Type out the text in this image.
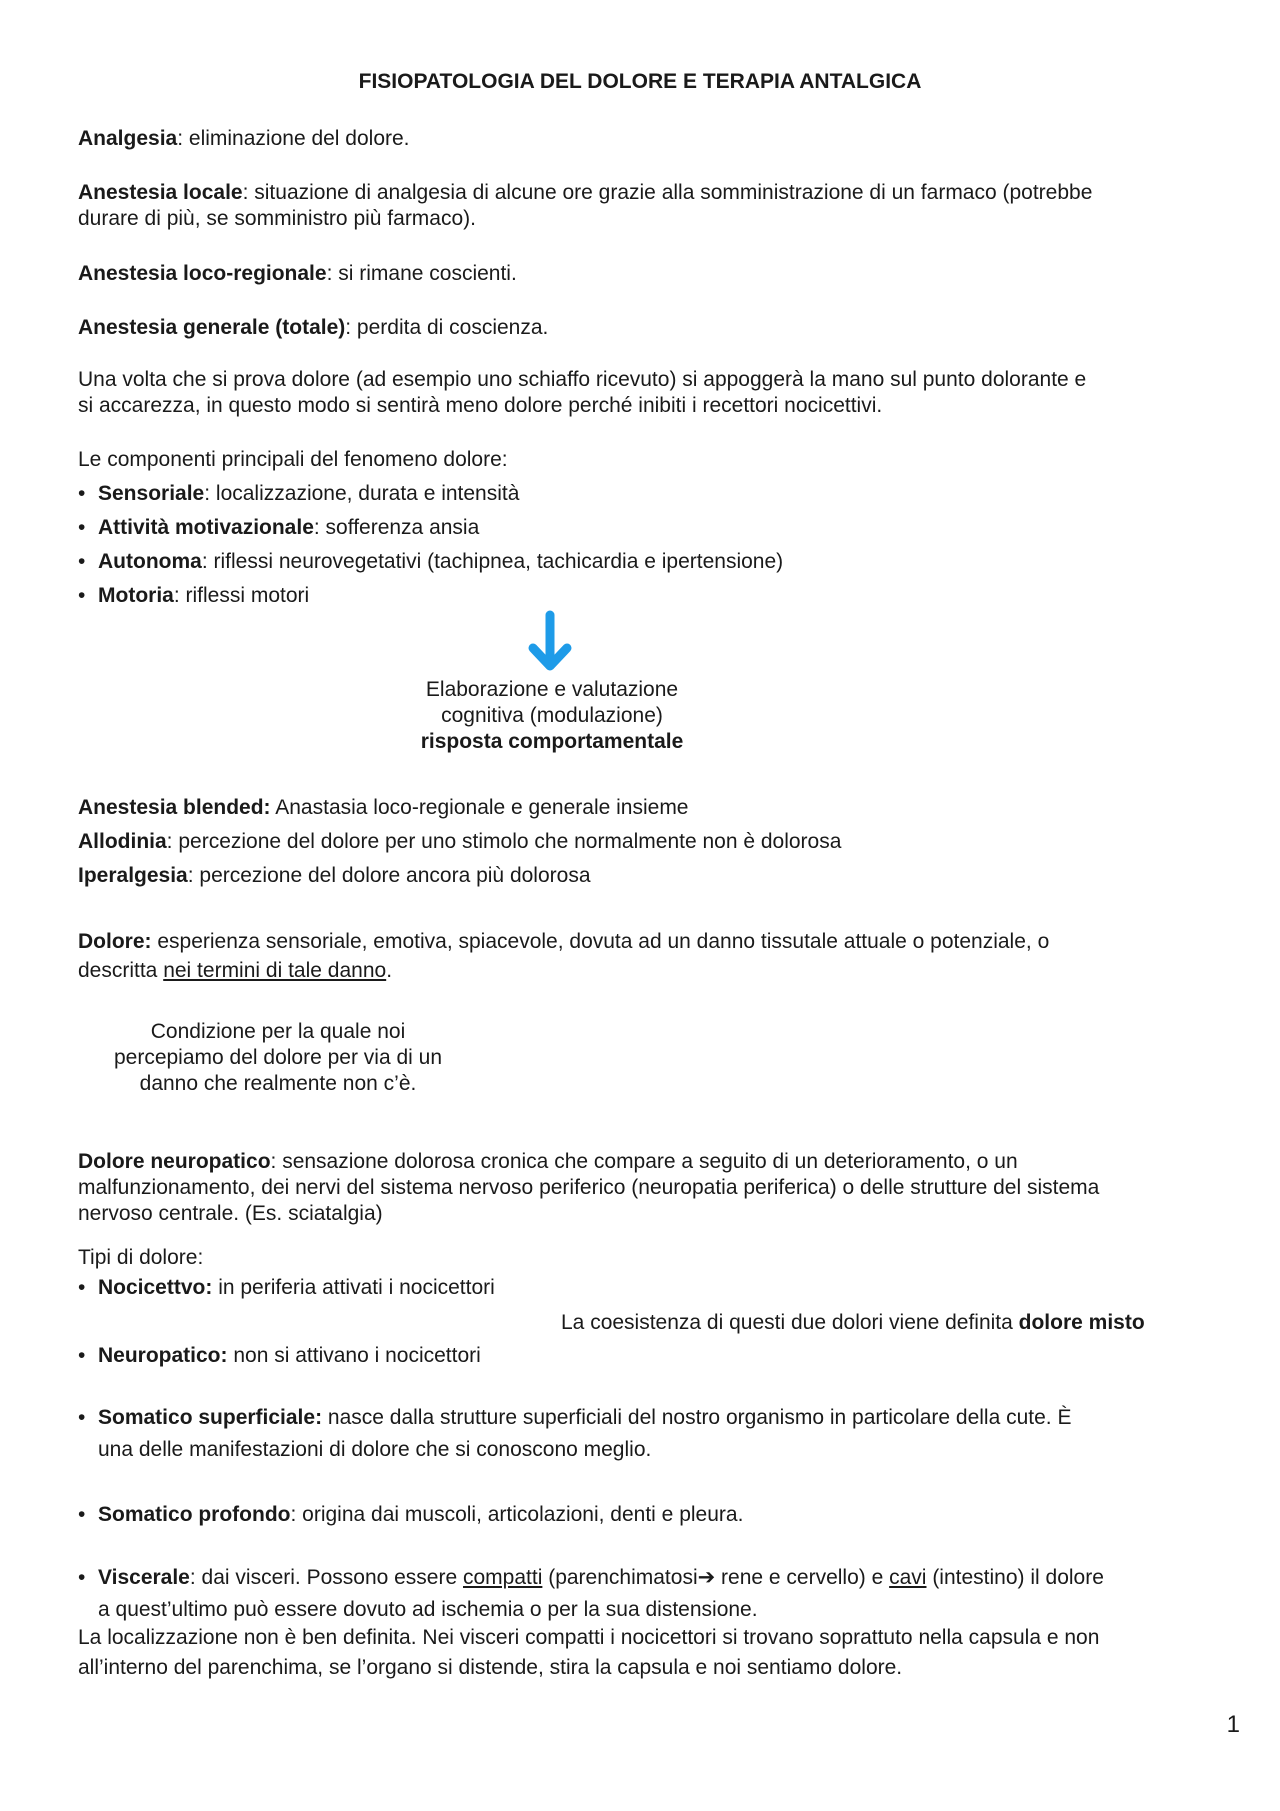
FISIOPATOLOGIA DEL DOLORE E TERAPIA ANTALGICA
Analgesia: eliminazione del dolore.
Anestesia locale: situazione di analgesia di alcune ore grazie alla somministrazione di un farmaco (potrebbe
durare di più, se somministro più farmaco).
Anestesia loco-regionale: si rimane coscienti.
Anestesia generale (totale): perdita di coscienza.
Una volta che si prova dolore (ad esempio uno schiaffo ricevuto) si appoggerà la mano sul punto dolorante e
si accarezza, in questo modo si sentirà meno dolore perché inibiti i recettori nocicettivi.
Le componenti principali del fenomeno dolore:
• Sensoriale: localizzazione, durata e intensità
• Attività motivazionale: sofferenza ansia
• Autonoma: riflessi neurovegetativi (tachipnea, tachicardia e ipertensione)
• Motoria: riflessi motori
Elaborazione e valutazione
cognitiva (modulazione)
risposta comportamentale
Anestesia blended: Anastasia loco-regionale e generale insieme
Allodinia: percezione del dolore per uno stimolo che normalmente non è dolorosa
Iperalgesia: percezione del dolore ancora più dolorosa
Dolore: esperienza sensoriale, emotiva, spiacevole, dovuta ad un danno tissutale attuale o potenziale, o
descritta nei termini di tale danno.
Condizione per la quale noi
percepiamo del dolore per via di un
danno che realmente non c’è.
Dolore neuropatico: sensazione dolorosa cronica che compare a seguito di un deterioramento, o un
malfunzionamento, dei nervi del sistema nervoso periferico (neuropatia periferica) o delle strutture del sistema
nervoso centrale. (Es. sciatalgia)
Tipi di dolore:
• Nocicettvo: in periferia attivati i nocicettori
La coesistenza di questi due dolori viene definita dolore misto
• Neuropatico: non si attivano i nocicettori
• Somatico superficiale: nasce dalla strutture superficiali del nostro organismo in particolare della cute. È
una delle manifestazioni di dolore che si conoscono meglio.
• Somatico profondo: origina dai muscoli, articolazioni, denti e pleura.
• Viscerale: dai visceri. Possono essere compatti (parenchimatosi➔ rene e cervello) e cavi (intestino) il dolore
a quest’ultimo può essere dovuto ad ischemia o per la sua distensione.
La localizzazione non è ben definita. Nei visceri compatti i nocicettori si trovano soprattuto nella capsula e non
all’interno del parenchima, se l’organo si distende, stira la capsula e noi sentiamo dolore.
1
